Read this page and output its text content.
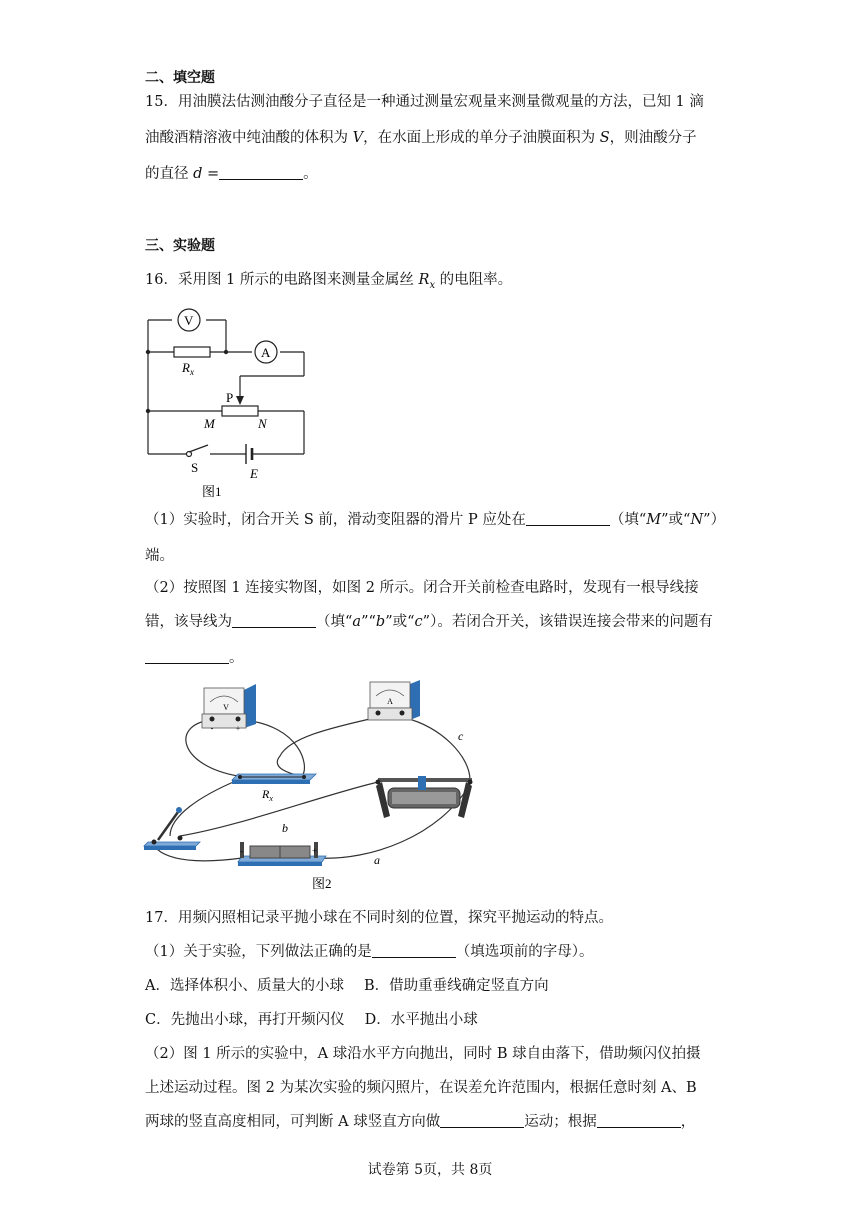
二、填空题
15．用油膜法估测油酸分子直径是一种通过测量宏观量来测量微观量的方法，已知 1 滴
油酸酒精溶液中纯油酸的体积为 V，在水面上形成的单分子油膜面积为 S，则油酸分子
的直径 d =	。
三、实验题
16．采用图 1 所示的电路图来测量金属丝 $R_x$ 的电阻率。
V
A
$R_x$
P
M	N
S	E
图1
（1）实验时，闭合开关 S 前，滑动变阻器的滑片 P 应处在	（填“M”或“N”）
端。
（2）按照图 1 连接实物图，如图 2 所示。闭合开关前检查电路时，发现有一根导线接
错，该导线为	（填“a”“b”或“c”）。若闭合开关，该错误连接会带来的问题有
。
V
-	+
A
$R_x$
-	+
c
b
a
图2
17．用频闪照相记录平抛小球在不同时刻的位置，探究平抛运动的特点。
（1）关于实验，下列做法正确的是	（填选项前的字母）。
A．选择体积小、质量大的小球 B．借助重垂线确定竖直方向
C．先抛出小球，再打开频闪仪 D．水平抛出小球
（2）图 1 所示的实验中，A 球沿水平方向抛出，同时 B 球自由落下，借助频闪仪拍摄
上述运动过程。图 2 为某次实验的频闪照片，在误差允许范围内，根据任意时刻 A、B
两球的竖直高度相同，可判断 A 球竖直方向做	运动；根据	，
试卷第 5页，共 8页
